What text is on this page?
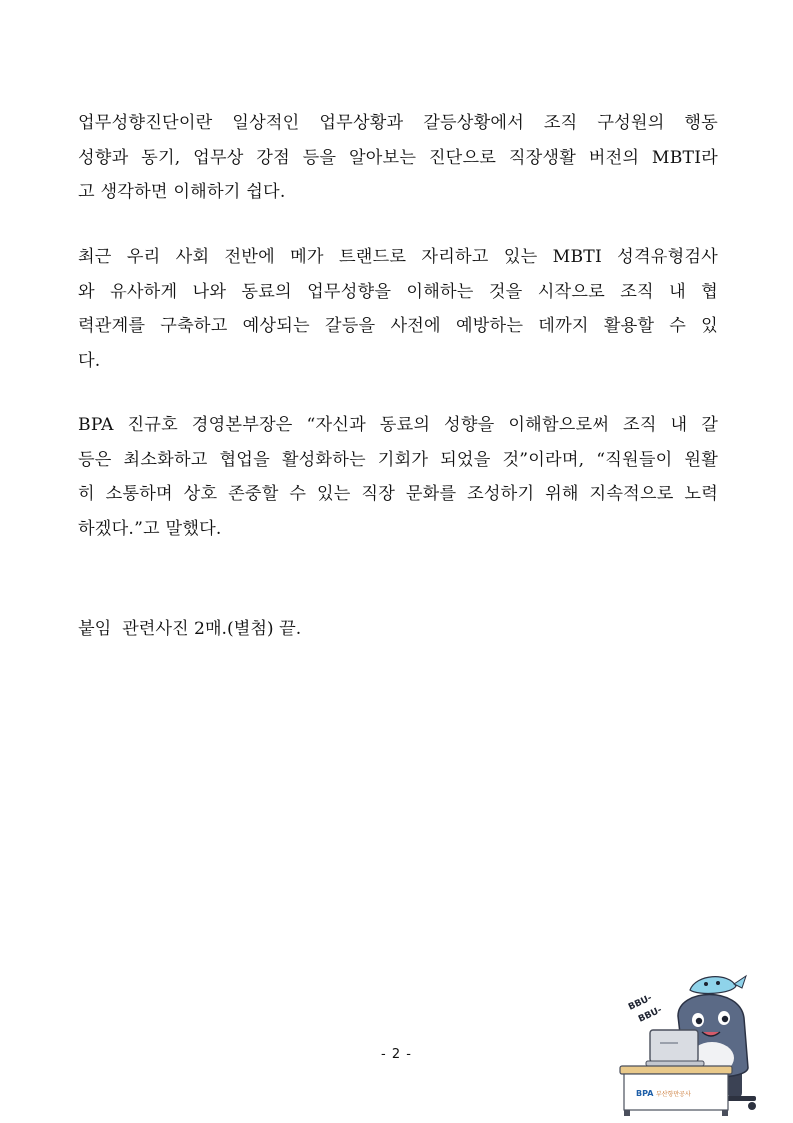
업무성향진단이란 일상적인 업무상황과 갈등상황에서 조직 구성원의 행동
성향과 동기, 업무상 강점 등을 알아보는 진단으로 직장생활 버전의 MBTI라
고 생각하면 이해하기 쉽다.

최근 우리 사회 전반에 메가 트랜드로 자리하고 있는 MBTI 성격유형검사
와 유사하게 나와 동료의 업무성향을 이해하는 것을 시작으로 조직 내 협
력관계를 구축하고 예상되는 갈등을 사전에 예방하는 데까지 활용할 수 있
다.

BPA 진규호 경영본부장은 “자신과 동료의 성향을 이해함으로써 조직 내 갈
등은 최소화하고 협업을 활성화하는 기회가 되었을 것”이라며, “직원들이 원활
히 소통하며 상호 존중할 수 있는 직장 문화를 조성하기 위해 지속적으로 노력
하겠다.”고 말했다.

붙임  관련사진 2매.(별첨) 끝.

- 2 -
BBU-
BBU-
BPA 부산항만공사
